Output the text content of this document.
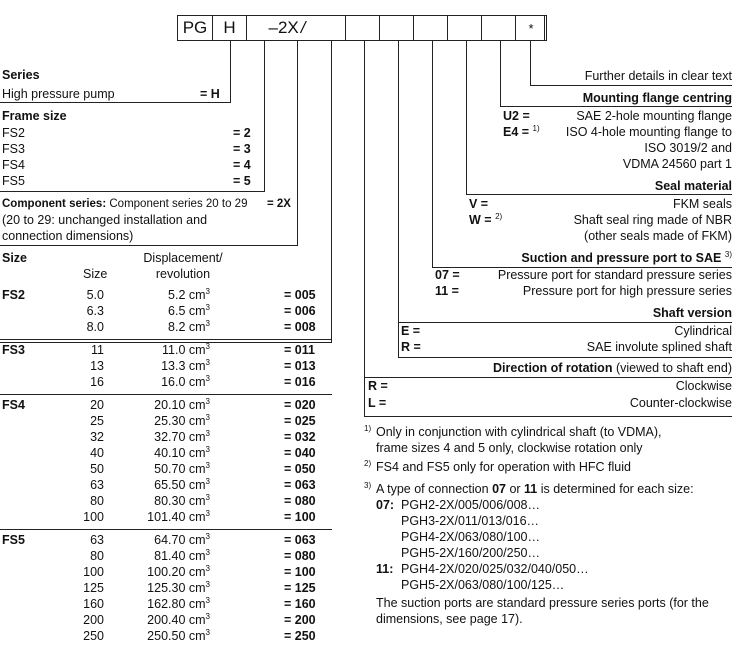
PG H	–2X /	*
Series
High pressure pump	= H
Frame size
FS2	= 2
FS3	= 3
FS4	= 4
FS5	= 5
Component series: Component series 20 to 29 = 2X
(20 to 29: unchanged installation and
connection dimensions)
Size
Size
Displacement/
revolution
FS2	5.0	5.2 $cm^3$	= 005
6.3	6.5 $cm^3$	= 006
8.0	8.2 $cm^3$	= 008
FS3	11	11.0 $cm^3$	= 011
13	13.3 $cm^3$	= 013
16	16.0 $cm^3$	= 016
FS4	20	20.10 $cm^3$	= 020
25	25.30 $cm^3$	= 025
32	32.70 $cm^3$	= 032
40	40.10 $cm^3$	= 040
50	50.70 $cm^3$	= 050
63	65.50 $cm^3$	= 063
80	80.30 $cm^3$	= 080
100	101.40 $cm^3$	= 100
FS5	63	64.70 $cm^3$	= 063
80	81.40 $cm^3$	= 080
100	100.20 $cm^3$	= 100
125	125.30 $cm^3$	= 125
160	162.80 $cm^3$	= 160
200	200.40 $cm^3$	= 200
250	250.50 $cm^3$	= 250
Further details in clear text
Mounting flange centring
U2 =	SAE 2-hole mounting flange
E4 = $^{1)}$ ISO 4-hole mounting flange to
ISO 3019/2 and
VDMA 24560 part 1
Seal material
V =	FKM seals
W = $^{2)}$	Shaft seal ring made of NBR
(other seals made of FKM)
Suction and pressure port to SAE $^{3)}$
07 =	Pressure port for standard pressure series
11 =	Pressure port for high pressure series
Shaft version
E =	Cylindrical
R =	SAE involute splined shaft
Direction of rotation (viewed to shaft end)
R =	Clockwise
L =	Counter-clockwise
$^{1)}$ Only in conjunction with cylindrical shaft (to VDMA),
frame sizes 4 and 5 only, clockwise rotation only
$^{2)}$ FS4 and FS5 only for operation with HFC fluid
$^{3)}$ A type of connection 07 or 11 is determined for each size:
07: PGH2-2X/005/006/008…
PGH3-2X/011/013/016…
PGH4-2X/063/080/100…
PGH5-2X/160/200/250…
11: PGH4-2X/020/025/032/040/050…
PGH5-2X/063/080/100/125…
The suction ports are standard pressure series ports (for the
dimensions, see page 17).
